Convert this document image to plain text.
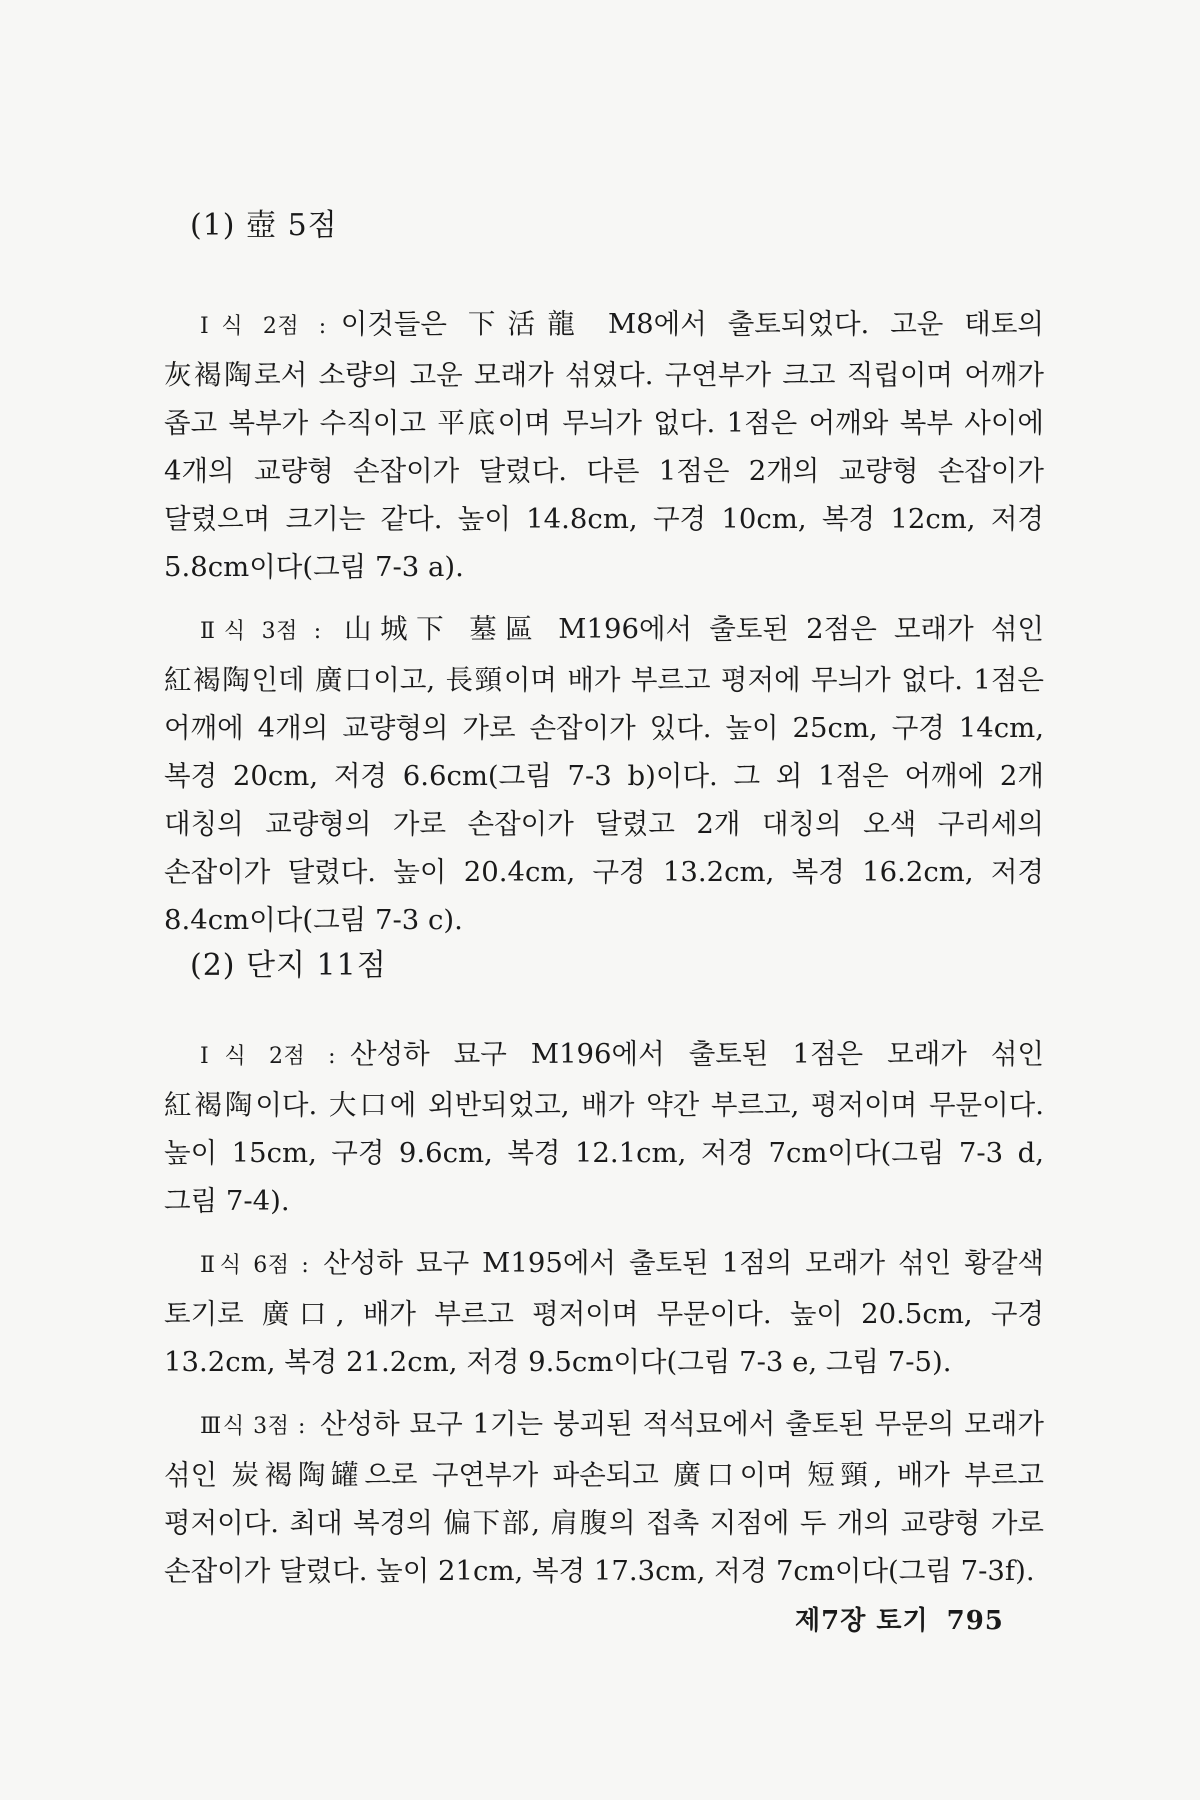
(1) 壺 5점

Ⅰ식 2점 : 이것들은 下活龍 M8에서 출토되었다. 고운 태토의 灰褐陶로서 소량의 고운 모래가 섞였다. 구연부가 크고 직립이며 어깨가 좁고 복부가 수직이고 平底이며 무늬가 없다. 1점은 어깨와 복부 사이에 4개의 교량형 손잡이가 달렸다. 다른 1점은 2개의 교량형 손잡이가 달렸으며 크기는 같다. 높이 14.8cm, 구경 10cm, 복경 12cm, 저경 5.8cm이다(그림 7-3 a).

Ⅱ식 3점 : 山城下 墓區 M196에서 출토된 2점은 모래가 섞인 紅褐陶인데 廣口이고, 長頸이며 배가 부르고 평저에 무늬가 없다. 1점은 어깨에 4개의 교량형의 가로 손잡이가 있다. 높이 25cm, 구경 14cm, 복경 20cm, 저경 6.6cm(그림 7-3 b)이다. 그 외 1점은 어깨에 2개 대칭의 교량형의 가로 손잡이가 달렸고 2개 대칭의 오색 구리세의 손잡이가 달렸다. 높이 20.4cm, 구경 13.2cm, 복경 16.2cm, 저경 8.4cm이다(그림 7-3 c).

(2) 단지 11점

Ⅰ식 2점 : 산성하 묘구 M196에서 출토된 1점은 모래가 섞인 紅褐陶이다. 大口에 외반되었고, 배가 약간 부르고, 평저이며 무문이다. 높이 15cm, 구경 9.6cm, 복경 12.1cm, 저경 7cm이다(그림 7-3 d, 그림 7-4).

Ⅱ식 6점 : 산성하 묘구 M195에서 출토된 1점의 모래가 섞인 황갈색 토기로 廣口, 배가 부르고 평저이며 무문이다. 높이 20.5cm, 구경 13.2cm, 복경 21.2cm, 저경 9.5cm이다(그림 7-3 e, 그림 7-5).

Ⅲ식 3점 : 산성하 묘구 1기는 붕괴된 적석묘에서 출토된 무문의 모래가 섞인 炭褐陶罐으로 구연부가 파손되고 廣口이며 短頸, 배가 부르고 평저이다. 최대 복경의 偏下部, 肩腹의 접촉 지점에 두 개의 교량형 가로 손잡이가 달렸다. 높이 21cm, 복경 17.3cm, 저경 7cm이다(그림 7-3f).

제7장 토기 795
